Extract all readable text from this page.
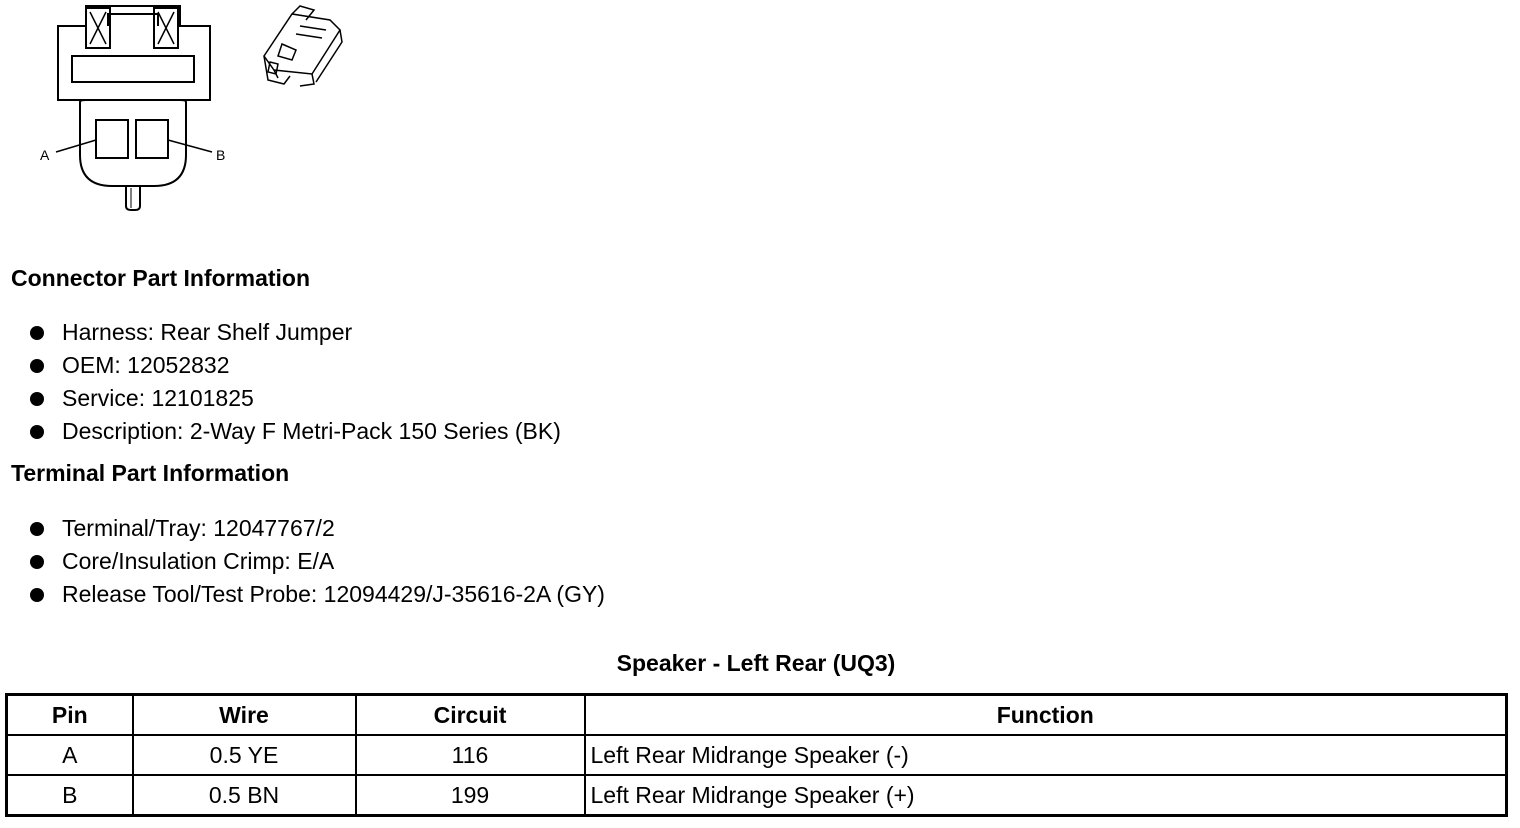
A	B
Connector Part Information
Harness: Rear Shelf Jumper
OEM: 12052832
Service: 12101825
Description: 2-Way F Metri-Pack 150 Series (BK)
Terminal Part Information
Terminal/Tray: 12047767/2
Core/Insulation Crimp: E/A
Release Tool/Test Probe: 12094429/J-35616-2A (GY)
Speaker - Left Rear (UQ3)
Pin	Wire	Circuit	Function
A	0.5 YE	116	Left Rear Midrange Speaker (-)
B	0.5 BN	199	Left Rear Midrange Speaker (+)
